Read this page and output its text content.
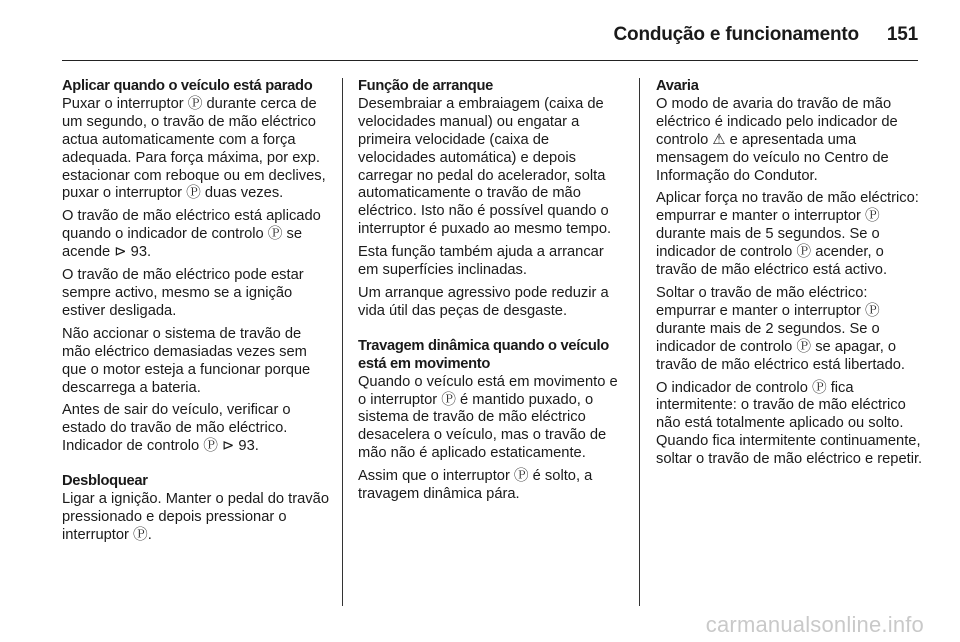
Condução e funcionamento 151
Aplicar quando o veículo está parado

Puxar o interruptor Ⓟ durante cerca de um segundo, o travão de mão eléctrico actua automaticamente com a força adequada. Para força máxima, por exp. estacionar com reboque ou em declives, puxar o interruptor Ⓟ duas vezes.

O travão de mão eléctrico está aplicado quando o indicador de controlo Ⓟ se acende ⊳ 93.

O travão de mão eléctrico pode estar sempre activo, mesmo se a ignição estiver desligada.

Não accionar o sistema de travão de mão eléctrico demasiadas vezes sem que o motor esteja a funcionar porque descarrega a bateria.

Antes de sair do veículo, verificar o estado do travão de mão eléctrico. Indicador de controlo Ⓟ ⊳ 93.

Desbloquear

Ligar a ignição. Manter o pedal do travão pressionado e depois pressionar o interruptor Ⓟ.

Função de arranque

Desembraiar a embraiagem (caixa de velocidades manual) ou engatar a primeira velocidade (caixa de velocidades automática) e depois carregar no pedal do acelerador, solta automaticamente o travão de mão eléctrico. Isto não é possível quando o interruptor é puxado ao mesmo tempo.

Esta função também ajuda a arrancar em superfícies inclinadas.

Um arranque agressivo pode reduzir a vida útil das peças de desgaste.

Travagem dinâmica quando o veículo está em movimento

Quando o veículo está em movimento e o interruptor Ⓟ é mantido puxado, o sistema de travão de mão eléctrico desacelera o veículo, mas o travão de mão não é aplicado estaticamente.

Assim que o interruptor Ⓟ é solto, a travagem dinâmica pára.

Avaria

O modo de avaria do travão de mão eléctrico é indicado pelo indicador de controlo ⚠ e apresentada uma mensagem do veículo no Centro de Informação do Condutor.

Aplicar força no travão de mão eléctrico: empurrar e manter o interruptor Ⓟ durante mais de 5 segundos. Se o indicador de controlo Ⓟ acender, o travão de mão eléctrico está activo.

Soltar o travão de mão eléctrico: empurrar e manter o interruptor Ⓟ durante mais de 2 segundos. Se o indicador de controlo Ⓟ se apagar, o travão de mão eléctrico está libertado.

O indicador de controlo Ⓟ fica intermitente: o travão de mão eléctrico não está totalmente aplicado ou solto. Quando fica intermitente continuamente, soltar o travão de mão eléctrico e repetir.

carmanualsonline.info
